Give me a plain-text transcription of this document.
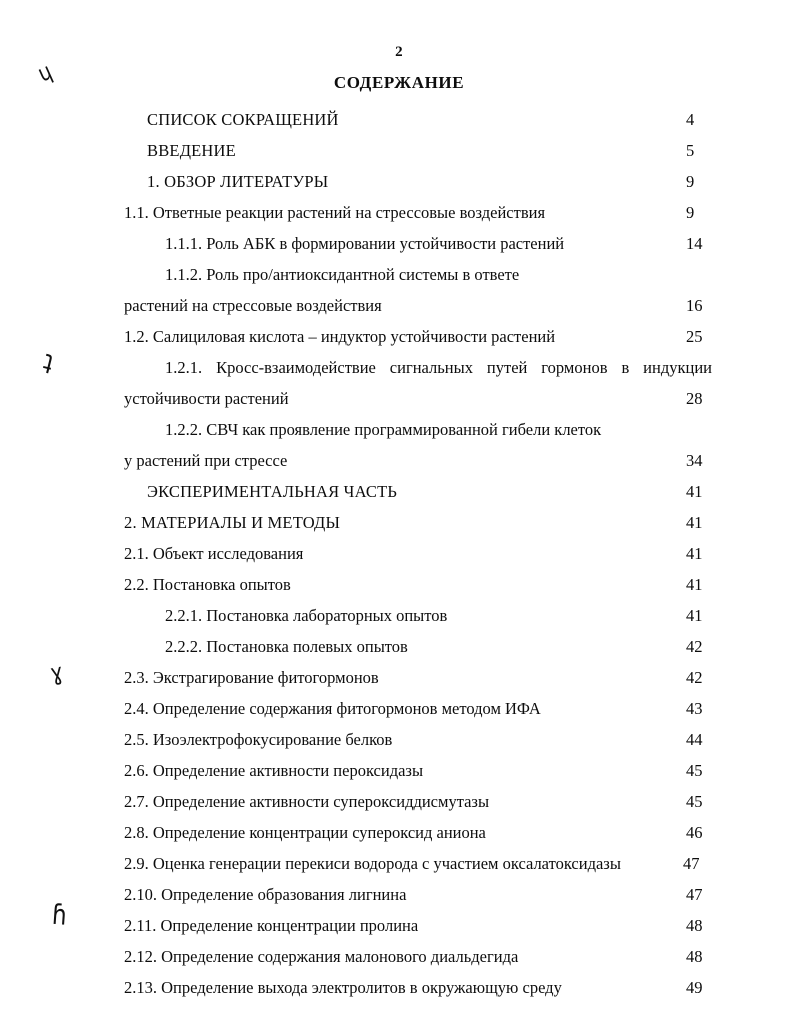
2
СОДЕРЖАНИЕ
СПИСОК СОКРАЩЕНИЙ	4
ВВЕДЕНИЕ	5
1. ОБЗОР ЛИТЕРАТУРЫ	9
1.1. Ответные реакции растений на стрессовые воздействия	9
1.1.1. Роль АБК в формировании устойчивости растений	14
1.1.2. Роль про/антиоксидантной системы в ответе
растений на стрессовые воздействия	16
1.2. Салициловая кислота – индуктор устойчивости растений	25
1.2.1. Кросс-взаимодействие сигнальных путей гормонов в индукции
устойчивости растений	28
1.2.2. СВЧ как проявление программированной гибели клеток
у растений при стрессе	34
ЭКСПЕРИМЕНТАЛЬНАЯ ЧАСТЬ	41
2. МАТЕРИАЛЫ И МЕТОДЫ	41
2.1. Объект исследования	41
2.2. Постановка опытов	41
2.2.1. Постановка лабораторных опытов	41
2.2.2. Постановка полевых опытов	42
2.3. Экстрагирование фитогормонов	42
2.4. Определение содержания фитогормонов методом ИФА	43
2.5. Изоэлектрофокусирование белков	44
2.6. Определение активности пероксидазы	45
2.7. Определение активности супероксиддисмутазы	45
2.8. Определение концентрации супероксид аниона	46
2.9. Оценка генерации перекиси водорода с участием оксалатоксидазы	47
2.10. Определение образования лигнина	47
2.11. Определение концентрации пролина	48
2.12. Определение содержания малонового диальдегида	48
2.13. Определение выхода электролитов в окружающую среду	49
ɥ
ʇ
ɣ
ɦ
